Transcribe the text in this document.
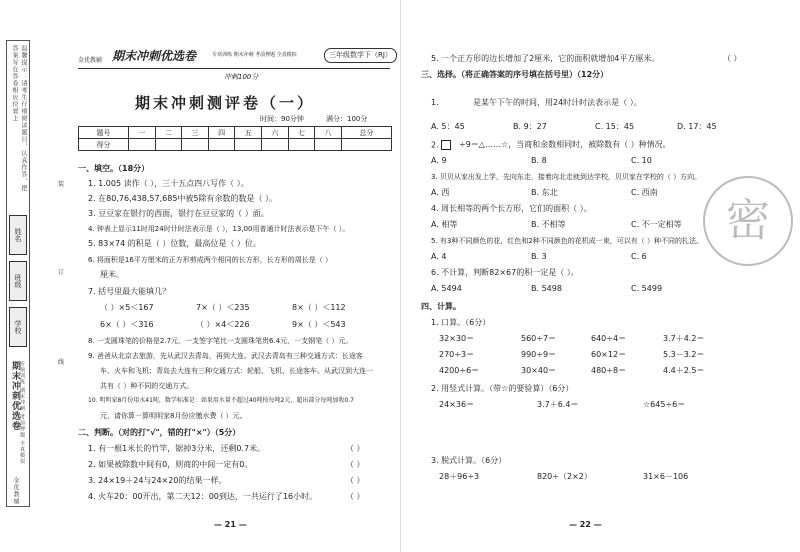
温馨提示：请考生仔细阅读题目，认真作答，把答案写在答卷相应位置上
姓名
班级
学校
期末冲刺优选卷 专项训练 期末冲刺 考前押题 全真模拟
金优教辅
装
订
线
金优教辅 期末冲刺优选卷	专项训练 期末冲刺 考前押题 全真模拟	三年级数学下（RJ）
冲刺100分
期末冲刺测评卷（一）
时间：90分钟	满分：100分
题号	一	二	三	四	五	六	七	八	总分
得分									
一、填空。（18分）
1. 1.005 读作（ ），三十五点四八写作（ ）。
2. 在80,76,438,57,685中被5除有余数的数是（ ）。
3. 豆豆家在银行的西面，银行在豆豆家的（ ）面。
4. 钟表上显示11时用24时计时法表示是（ ），13,00用普通计时法表示是下午（ ）。
5. 83×74 的积是（ ）位数，最高位是（ ）位。
6. 将面积是16平方厘米的正方形剪成两个相同的长方形，长方形的周长是（ ）
厘米。
7. 括号里最大能填几？
（ ）×5＜167	7×（ ）＜235	8×（ ）＜112
6×（ ）＜316	（ ）×4＜226	9×（ ）＜543
8. 一支圆珠笔的价格是2.7元，一支签字笔比一支圆珠笔贵6.4元，一支钢笔（ ）元。
9. 爸爸从北京去旅游，先从武汉去青岛，再到大连。武汉去青岛有三种交通方式：长途客
车、火车和飞机；青岛去大连有三种交通方式：轮船、飞机、长途客车。从武汉到大连一
共有（ ）种不同的交通方式。
10. 明明家8月份用水41吨，数学标准是：如果用水量不超过40吨按每吨2元，超出部分每吨加收0.7
元，请你算一算明明家8月份应缴水费（ ）元。
二、判断。（对的打"√"，错的打"×"）（5分）
1. 有一根1米长的竹竿，锯掉3分米，还剩0.7米。	（ ）
2. 如果被除数中间有0，则商的中间一定有0。	（ ）
3. 24×19＋24与24×20的结果一样。	（ ）
4. 火车20：00开出，第二天12：00到达，一共运行了16小时。	（ ）
— 21 —
5. 一个正方形的边长增加了2厘米，它的面积就增加4平方厘米。	（ ）
三、选择。（将正确答案的序号填在括号里）（12分）
1.	是某午下午的时间，用24时计时法表示是（ ）。
A. 5：45	B. 9：27	C. 15：45	D. 17：45
2.	÷9＝△……☆，当商和余数相同时，被除数有（ ）种情况。
A. 9	B. 8	C. 10
3. 贝贝从家出发上学，先向东走，接着向北走就到达学校，贝贝家在学校的（ ）方向。
A. 西	B. 东北	C. 西南
4. 周长相等的两个长方形，它们的面积（ ）。
A. 相等	B. 不相等	C. 不一定相等
5. 有3种不同颜色的花，红色和2种不同颜色的花机成一束，可以有（ ）种不同的扎法。
A. 4	B. 3	C. 6
6. 不计算，判断82×67的积一定是（ ）。
A. 5494	B. 5498	C. 5499
密
四、计算。
1. 口算。（6分）
32×30＝	560÷7＝	640÷4＝	3.7＋4.2＝
270÷3＝	990÷9＝	60×12＝	5.3－3.2＝
4200÷6＝	30×40＝	480÷8＝	4.4＋2.5＝
2. 用竖式计算。（带☆的要验算）（6分）
24×36＝	3.7＋6.4＝	☆645÷6＝
3. 脱式计算。（6分）
28＋96÷3	820÷（2×2）	31×6－106
— 22 —
